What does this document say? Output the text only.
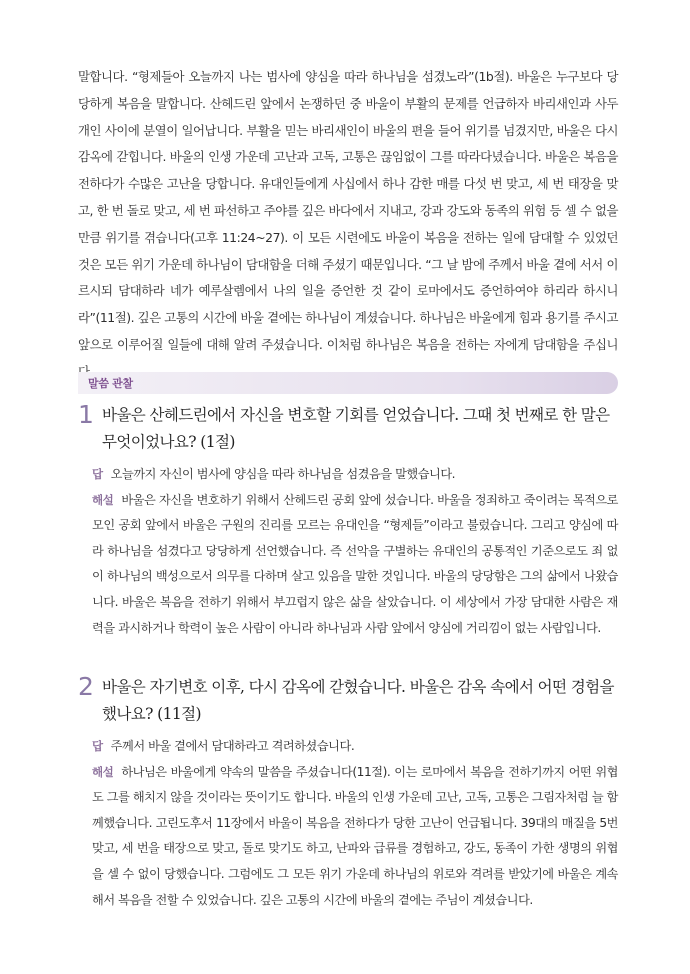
말합니다. “형제들아 오늘까지 나는 범사에 양심을 따라 하나님을 섬겼노라”(1b절). 바울은 누구보다 당당하게 복음을 말합니다. 산헤드린 앞에서 논쟁하던 중 바울이 부활의 문제를 언급하자 바리새인과 사두개인 사이에 분열이 일어납니다. 부활을 믿는 바리새인이 바울의 편을 들어 위기를 넘겼지만, 바울은 다시 감옥에 갇힙니다. 바울의 인생 가운데 고난과 고독, 고통은 끊임없이 그를 따라다녔습니다. 바울은 복음을 전하다가 수많은 고난을 당합니다. 유대인들에게 사십에서 하나 감한 매를 다섯 번 맞고, 세 번 태장을 맞고, 한 번 돌로 맞고, 세 번 파선하고 주야를 깊은 바다에서 지내고, 강과 강도와 동족의 위험 등 셀 수 없을 만큼 위기를 겪습니다(고후 11:24~27). 이 모든 시련에도 바울이 복음을 전하는 일에 담대할 수 있었던 것은 모든 위기 가운데 하나님이 담대함을 더해 주셨기 때문입니다. “그 날 밤에 주께서 바울 곁에 서서 이르시되 담대하라 네가 예루살렘에서 나의 일을 증언한 것 같이 로마에서도 증언하여야 하리라 하시니라”(11절). 깊은 고통의 시간에 바울 곁에는 하나님이 계셨습니다. 하나님은 바울에게 힘과 용기를 주시고 앞으로 이루어질 일들에 대해 알려 주셨습니다. 이처럼 하나님은 복음을 전하는 자에게 담대함을 주십니

말씀 관찰
1 바울은 산헤드린에서 자신을 변호할 기회를 얻었습니다. 그때 첫 번째로 한 말은 무엇이었나요? (1절)

답 오늘까지 자신이 범사에 양심을 따라 하나님을 섬겼음을 말했습니다.

해설 바울은 자신을 변호하기 위해서 산헤드린 공회 앞에 섰습니다. 바울을 정죄하고 죽이려는 목적으로 모인 공회 앞에서 바울은 구원의 진리를 모르는 유대인을 “형제들”이라고 불렀습니다. 그리고 양심에 따라 하나님을 섬겼다고 당당하게 선언했습니다. 즉 선악을 구별하는 유대인의 공통적인 기준으로도 죄 없이 하나님의 백성으로서 의무를 다하며 살고 있음을 말한 것입니다. 바울의 당당함은 그의 삶에서 나왔습니다. 바울은 복음을 전하기 위해서 부끄럽지 않은 삶을 살았습니다. 이 세상에서 가장 담대한 사람은 재력을 과시하거나 학력이 높은 사람이 아니라 하나님과 사람 앞에서 양심에 거리낌이 없는 사람입니다.

2 바울은 자기변호 이후, 다시 감옥에 갇혔습니다. 바울은 감옥 속에서 어떤 경험을 했나요? (11절)

답 주께서 바울 곁에서 담대하라고 격려하셨습니다.

해설 하나님은 바울에게 약속의 말씀을 주셨습니다(11절). 이는 로마에서 복음을 전하기까지 어떤 위협도 그를 해치지 않을 것이라는 뜻이기도 합니다. 바울의 인생 가운데 고난, 고독, 고통은 그림자처럼 늘 함께했습니다. 고린도후서 11장에서 바울이 복음을 전하다가 당한 고난이 언급됩니다. 39대의 매질을 5번 맞고, 세 번을 태장으로 맞고, 돌로 맞기도 하고, 난파와 급류를 경험하고, 강도, 동족이 가한 생명의 위협을 셀 수 없이 당했습니다. 그럼에도 그 모든 위기 가운데 하나님의 위로와 격려를 받았기에 바울은 계속해서 복음을 전할 수 있었습니다. 깊은 고통의 시간에 바울의 곁에는 주님이 계셨습니다.
